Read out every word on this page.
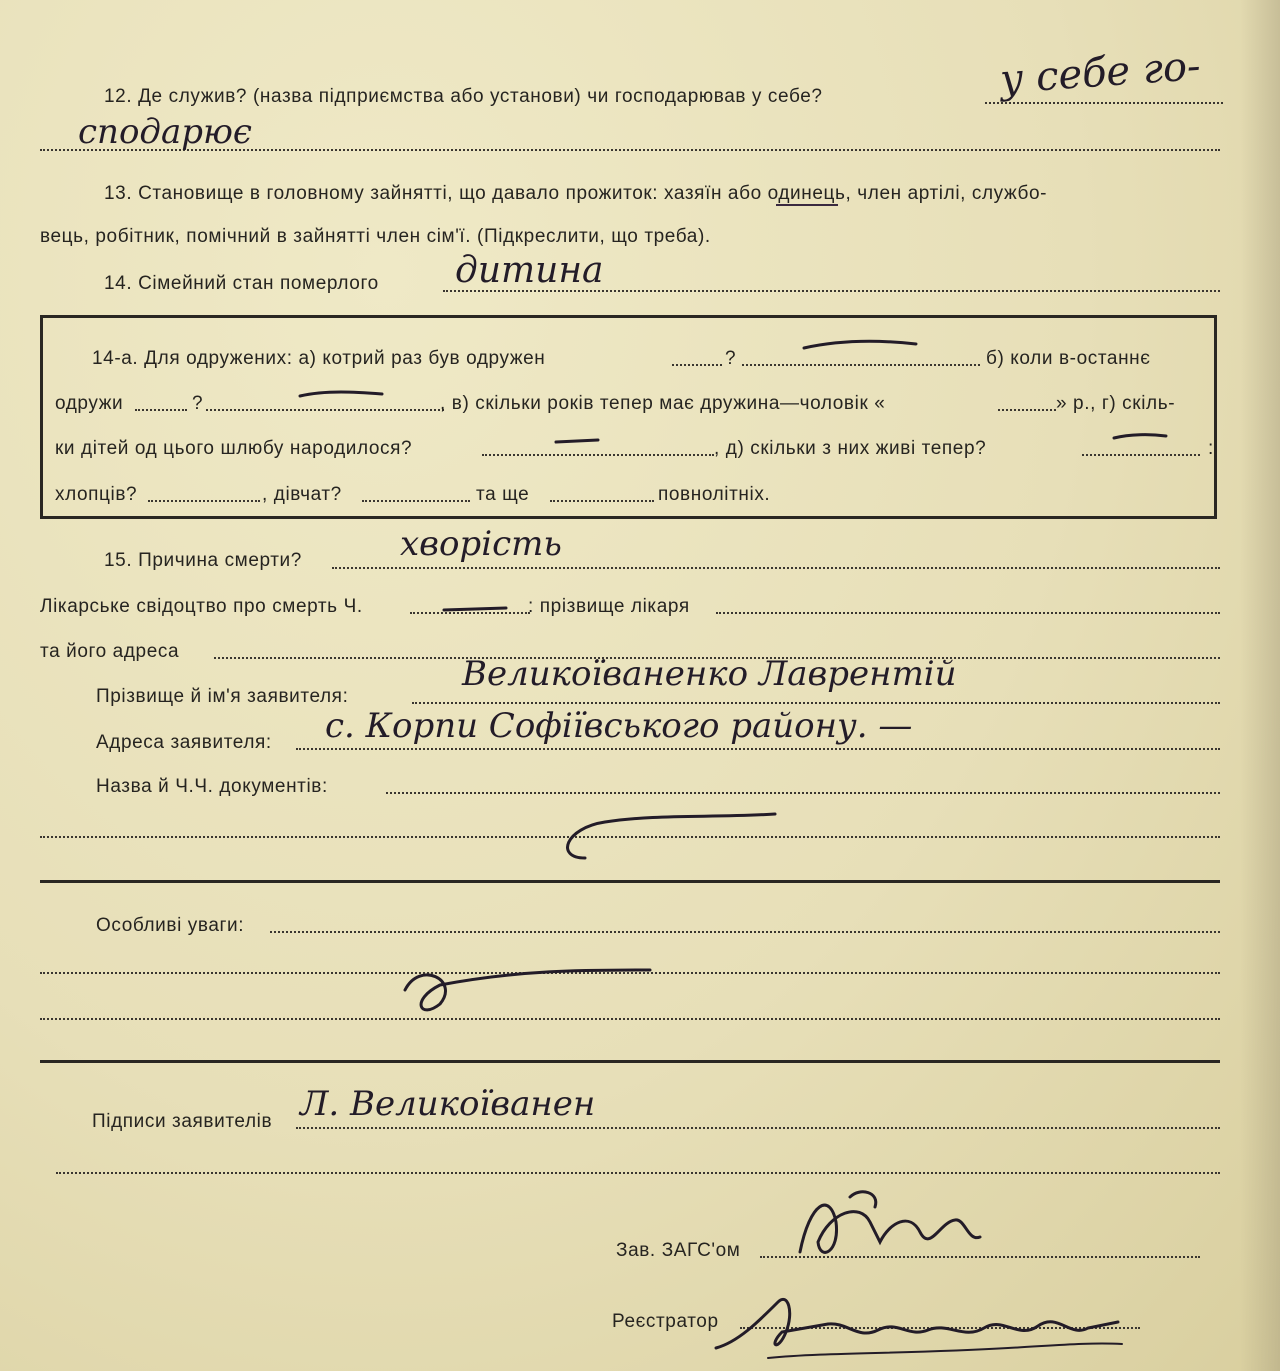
12. Де служив? (назва підприємства або установи) чи господарював у себе?	у себе го-
сподарює
13. Становище в головному зайнятті, що давало прожиток: хазяїн або одинець, член артілі, службо-
вець, робітник, помічний в зайнятті член сім'ї. (Підкреслити, що треба).
14. Сімейний стан померлого дитина
14-а. Для одружених: а) котрий раз був одружен	?	б) коли в-останнє
одружи	?	, в) скільки років тепер має дружина—чоловік «	» р., г) скіль-
ки дітей од цього шлюбу народилося?	, д) скільки з них живі тепер?	:
хлопців?	, дівчат?	та ще	повнолітніх.
15. Причина смерти?	хворість
Лікарське свідоцтво про смерть Ч.	: прізвище лікаря
та його адреса
Прізвище й ім'я заявителя:
Великоїваненко Лаврентій
Адреса заявителя: с. Корпи Софіївського району. —
Назва й Ч.Ч. документів:
Особливі уваги:
Підписи заявителів Л. Великоїванен
Зав. ЗАГС'ом
Реєстратор
